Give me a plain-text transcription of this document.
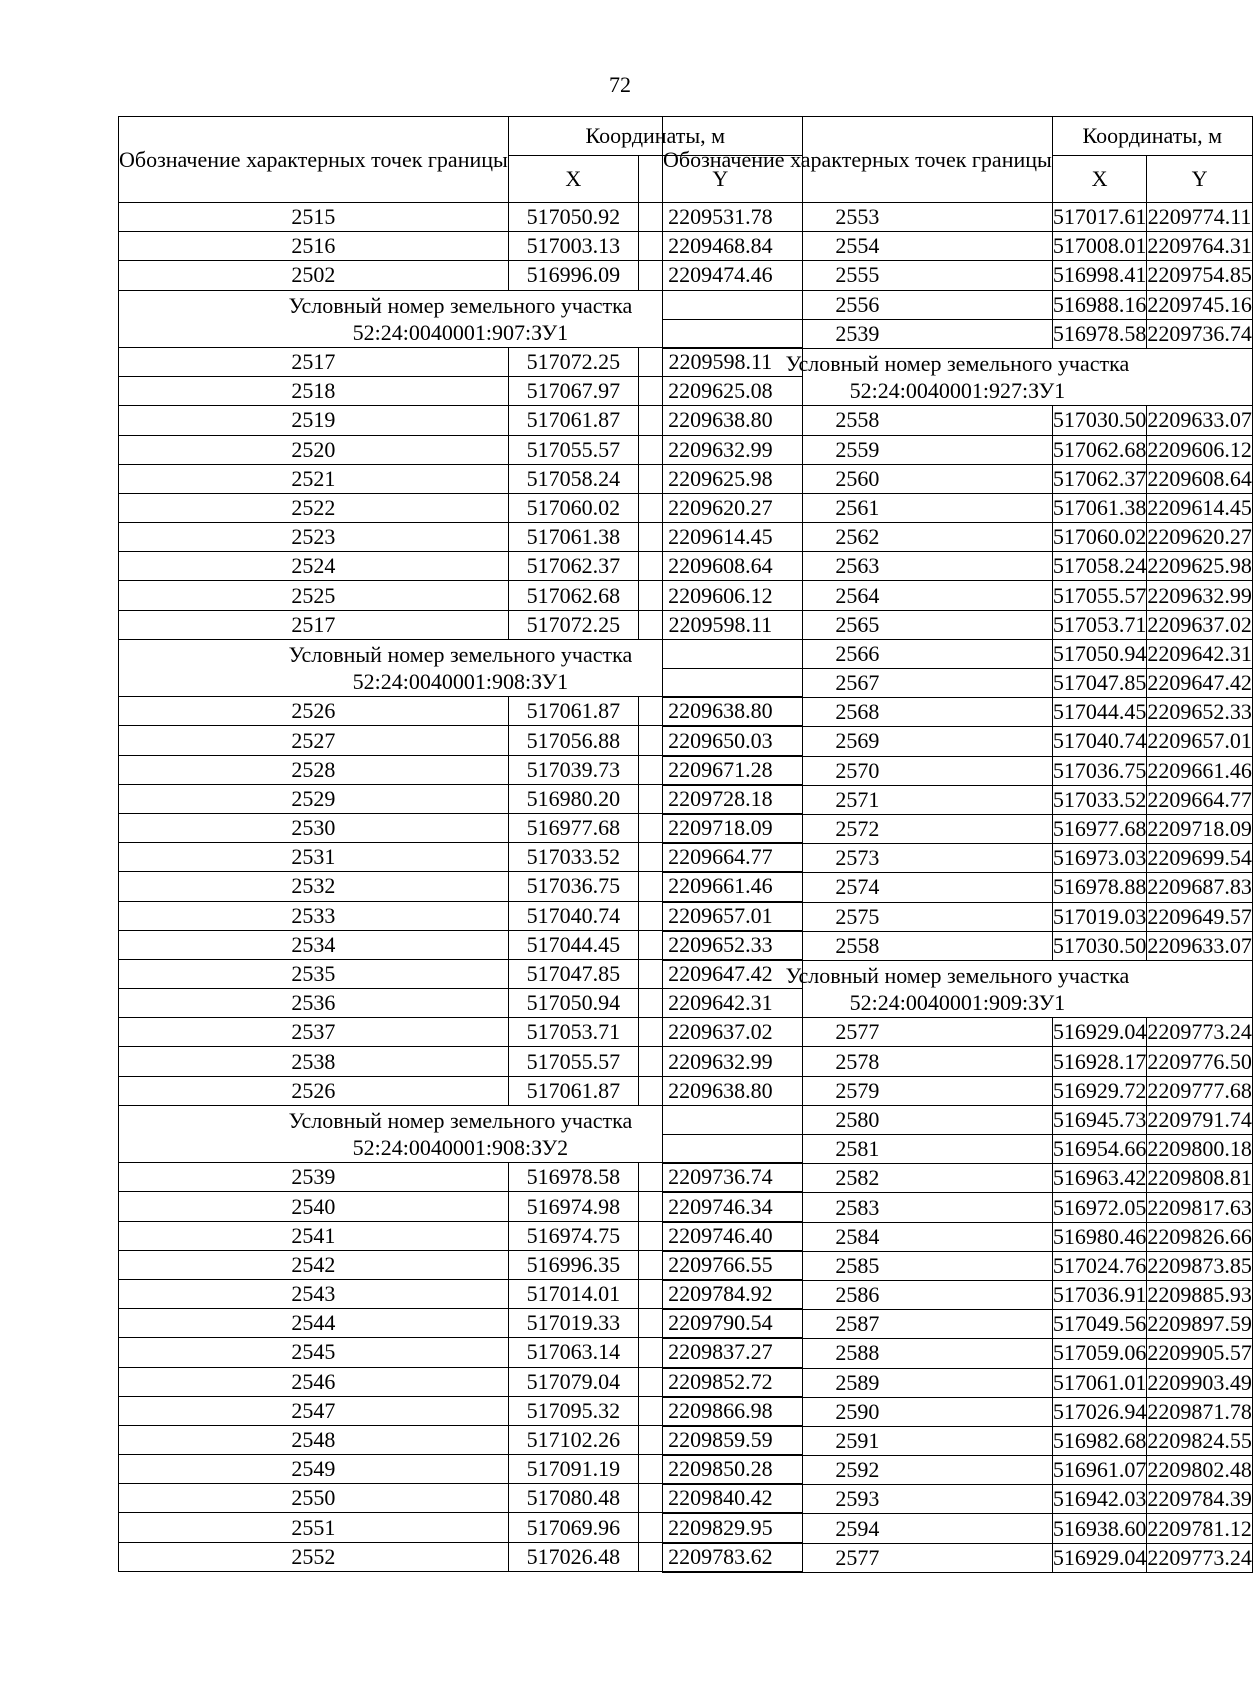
72
Обозначение характерных точек границы	Координаты, м	
	X	Y
2515	517050.92	2209531.78
2516	517003.13	2209468.84
2502	516996.09	2209474.46
Условный номер земельного участка
52:24:0040001:907:ЗУ1		
2517	517072.25	2209598.11
2518	517067.97	2209625.08
2519	517061.87	2209638.80
2520	517055.57	2209632.99
2521	517058.24	2209625.98
2522	517060.02	2209620.27
2523	517061.38	2209614.45
2524	517062.37	2209608.64
2525	517062.68	2209606.12
2517	517072.25	2209598.11
Условный номер земельного участка
52:24:0040001:908:ЗУ1		
2526	517061.87	2209638.80
2527	517056.88	2209650.03
2528	517039.73	2209671.28
2529	516980.20	2209728.18
2530	516977.68	2209718.09
2531	517033.52	2209664.77
2532	517036.75	2209661.46
2533	517040.74	2209657.01
2534	517044.45	2209652.33
2535	517047.85	2209647.42
2536	517050.94	2209642.31
2537	517053.71	2209637.02
2538	517055.57	2209632.99
2526	517061.87	2209638.80
Условный номер земельного участка
52:24:0040001:908:ЗУ2		
2539	516978.58	2209736.74
2540	516974.98	2209746.34
2541	516974.75	2209746.40
2542	516996.35	2209766.55
2543	517014.01	2209784.92
2544	517019.33	2209790.54
2545	517063.14	2209837.27
2546	517079.04	2209852.72
2547	517095.32	2209866.98
2548	517102.26	2209859.59
2549	517091.19	2209850.28
2550	517080.48	2209840.42
2551	517069.96	2209829.95
2552	517026.48	2209783.62
Обозначение характерных точек границы	Координаты, м	
	X	Y
2553	517017.61	2209774.11
2554	517008.01	2209764.31
2555	516998.41	2209754.85
2556	516988.16	2209745.16
2539	516978.58	2209736.74
Условный номер земельного участка
52:24:0040001:927:ЗУ1		
2558	517030.50	2209633.07
2559	517062.68	2209606.12
2560	517062.37	2209608.64
2561	517061.38	2209614.45
2562	517060.02	2209620.27
2563	517058.24	2209625.98
2564	517055.57	2209632.99
2565	517053.71	2209637.02
2566	517050.94	2209642.31
2567	517047.85	2209647.42
2568	517044.45	2209652.33
2569	517040.74	2209657.01
2570	517036.75	2209661.46
2571	517033.52	2209664.77
2572	516977.68	2209718.09
2573	516973.03	2209699.54
2574	516978.88	2209687.83
2575	517019.03	2209649.57
2558	517030.50	2209633.07
Условный номер земельного участка
52:24:0040001:909:ЗУ1		
2577	516929.04	2209773.24
2578	516928.17	2209776.50
2579	516929.72	2209777.68
2580	516945.73	2209791.74
2581	516954.66	2209800.18
2582	516963.42	2209808.81
2583	516972.05	2209817.63
2584	516980.46	2209826.66
2585	517024.76	2209873.85
2586	517036.91	2209885.93
2587	517049.56	2209897.59
2588	517059.06	2209905.57
2589	517061.01	2209903.49
2590	517026.94	2209871.78
2591	516982.68	2209824.55
2592	516961.07	2209802.48
2593	516942.03	2209784.39
2594	516938.60	2209781.12
2577	516929.04	2209773.24
